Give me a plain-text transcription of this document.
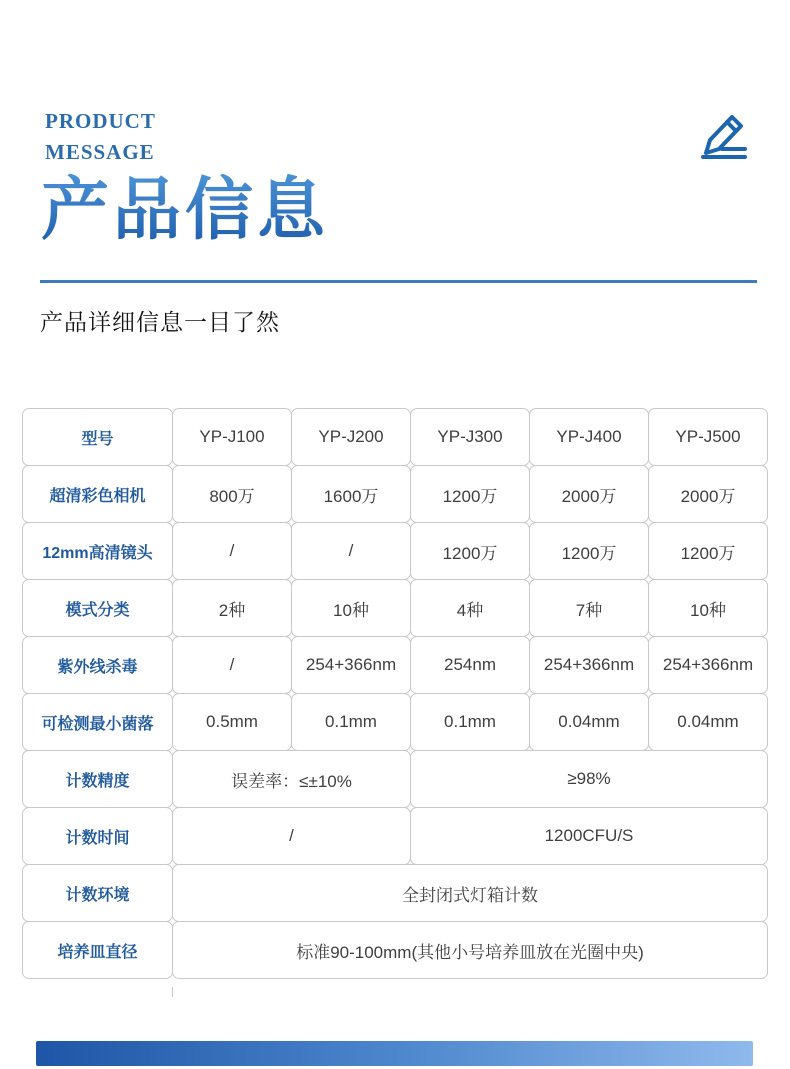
PRODUCT
MESSAGE
产品信息
产品详细信息一目了然
型号	YP-J100	YP-J200	YP-J300	YP-J400	YP-J500
超清彩色相机	800万	1600万	1200万	2000万	2000万
12mm高清镜头	/	/	1200万	1200万	1200万
模式分类	2种	10种	4种	7种	10种
紫外线杀毒	/	254+366nm	254nm	254+366nm	254+366nm
可检测最小菌落	0.5mm	0.1mm	0.1mm	0.04mm	0.04mm
计数精度	误差率：≤±10%	≥98%
计数时间	/	1200CFU/S
计数环境	全封闭式灯箱计数
培养皿直径	标准90-100mm(其他小号培养皿放在光圈中央)
